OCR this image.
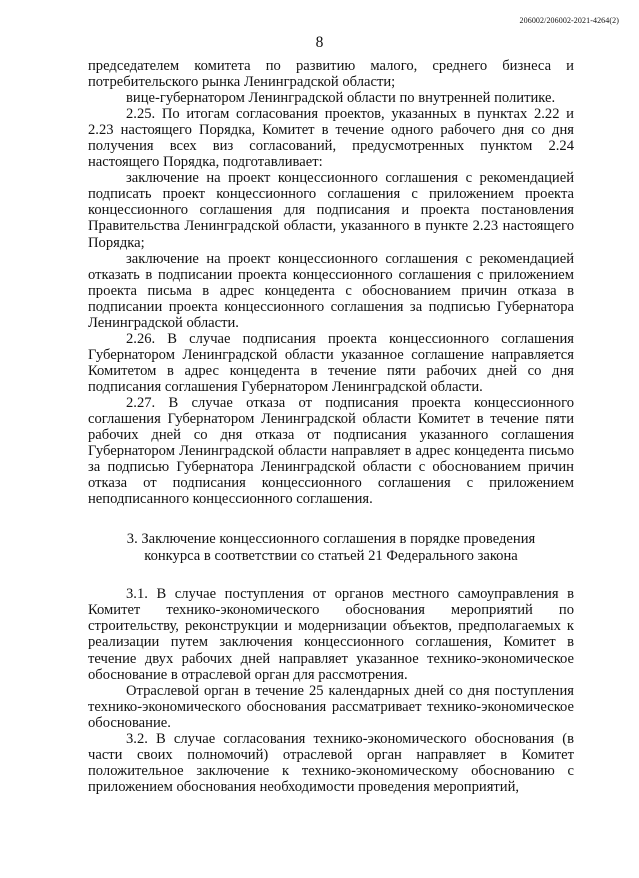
206002/206002-2021-4264(2)
8

председателем комитета по развитию малого, среднего бизнеса и потребительского рынка Ленинградской области;

вице-губернатором Ленинградской области по внутренней политике.

2.25. По итогам согласования проектов, указанных в пунктах 2.22 и 2.23 настоящего Порядка, Комитет в течение одного рабочего дня со дня получения всех виз согласований, предусмотренных пунктом 2.24 настоящего Порядка, подготавливает:

заключение на проект концессионного соглашения с рекомендацией подписать проект концессионного соглашения с приложением проекта концессионного соглашения для подписания и проекта постановления Правительства Ленинградской области, указанного в пункте 2.23 настоящего Порядка;

заключение на проект концессионного соглашения с рекомендацией отказать в подписании проекта концессионного соглашения с приложением проекта письма в адрес концедента с обоснованием причин отказа в подписании проекта концессионного соглашения за подписью Губернатора Ленинградской области.

2.26. В случае подписания проекта концессионного соглашения Губернатором Ленинградской области указанное соглашение направляется Комитетом в адрес концедента в течение пяти рабочих дней со дня подписания соглашения Губернатором Ленинградской области.

2.27. В случае отказа от подписания проекта концессионного соглашения Губернатором Ленинградской области Комитет в течение пяти рабочих дней со дня отказа от подписания указанного соглашения Губернатором Ленинградской области направляет в адрес концедента письмо за подписью Губернатора Ленинградской области с обоснованием причин отказа от подписания концессионного соглашения с приложением неподписанного концессионного соглашения.

3. Заключение концессионного соглашения в порядке проведения
конкурса в соответствии со статьей 21 Федерального закона

3.1. В случае поступления от органов местного самоуправления в Комитет технико-экономического обоснования мероприятий по строительству, реконструкции и модернизации объектов, предполагаемых к реализации путем заключения концессионного соглашения, Комитет в течение двух рабочих дней направляет указанное технико-экономическое обоснование в отраслевой орган для рассмотрения.

Отраслевой орган в течение 25 календарных дней со дня поступления технико-экономического обоснования рассматривает технико-экономическое обоснование.

3.2. В случае согласования технико-экономического обоснования (в части своих полномочий) отраслевой орган направляет в Комитет положительное заключение к технико-экономическому обоснованию с приложением обоснования необходимости проведения мероприятий,
